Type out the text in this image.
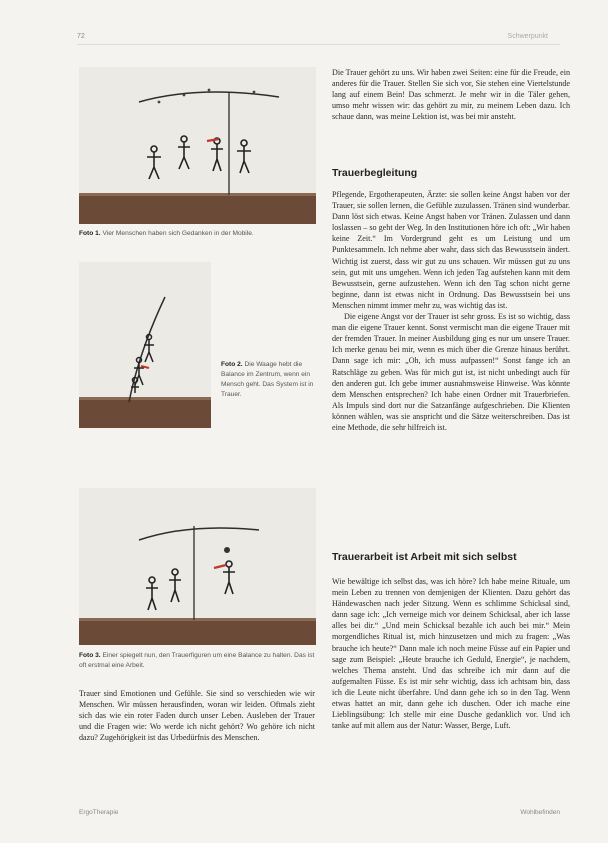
72	Schwerpunkt
Foto 1. Vier Menschen haben sich Gedanken in der Mobile.
Foto 2. Die Waage hebt die Balance im Zentrum, wenn ein Mensch geht. Das System ist in Trauer.
Foto 3. Einer spiegelt nun, den Trauerfiguren um eine Balance zu halten. Das ist oft erstmal eine Arbeit.

Trauer sind Emotionen und Gefühle. Sie sind so verschieden wie wir Menschen. Wir müssen herausfinden, woran wir leiden. Oftmals zieht sich das wie ein roter Faden durch unser Leben. Ausleben der Trauer und die Fragen wie: Wo werde ich nicht gehört? Wo gehöre ich nicht dazu? Zugehörigkeit ist das Urbedürfnis des Menschen.

Die Trauer gehört zu uns. Wir haben zwei Seiten: eine für die Freude, ein anderes für die Trauer. Stellen Sie sich vor, Sie stehen eine Viertelstunde lang auf einem Bein! Das schmerzt. Je mehr wir in die Täler gehen, umso mehr wissen wir: das gehört zu mir, zu meinem Leben dazu. Ich schaue dann, was meine Lektion ist, was bei mir ansteht.

Trauerbegleitung

Pflegende, Ergotherapeuten, Ärzte: sie sollen keine Angst haben vor der Trauer, sie sollen lernen, die Gefühle zuzulassen. Tränen sind wunderbar. Dann löst sich etwas. Keine Angst haben vor Tränen. Zulassen und dann loslassen – so geht der Weg. In den Institutionen höre ich oft: „Wir haben keine Zeit.“ Im Vordergrund geht es um Leistung und um Punktesammeln. Ich nehme aber wahr, dass sich das Bewusstsein ändert. Wichtig ist zuerst, dass wir gut zu uns schauen. Wir müssen gut zu uns sein, gut mit uns umgehen. Wenn ich jeden Tag aufstehen kann mit dem Bewusstsein, gerne aufzustehen. Wenn ich den Tag schon nicht gerne beginne, dann ist etwas nicht in Ordnung. Das Bewusstsein bei uns Menschen nimmt immer mehr zu, was wichtig das ist.

Die eigene Angst vor der Trauer ist sehr gross. Es ist so wichtig, dass man die eigene Trauer kennt. Sonst vermischt man die eigene Trauer mit der fremden Trauer. In meiner Ausbildung ging es nur um unsere Trauer. Ich merke genau bei mir, wenn es mich über die Grenze hinaus berührt. Dann sage ich mir: „Oh, ich muss aufpassen!“ Sonst fange ich an Ratschläge zu geben. Was für mich gut ist, ist nicht unbedingt auch für den anderen gut. Ich gebe immer ausnahmsweise Hinweise. Was könnte dem Menschen entsprechen? Ich habe einen Ordner mit Trauerbriefen. Als Impuls sind dort nur die Satzanfänge aufgeschrieben. Die Klienten können wählen, was sie anspricht und die Sätze weiterschreiben. Das ist eine Methode, die sehr hilfreich ist.

Trauerarbeit ist Arbeit mit sich selbst

Wie bewältige ich selbst das, was ich höre? Ich habe meine Rituale, um mein Leben zu trennen von demjenigen der Klienten. Dazu gehört das Händewaschen nach jeder Sitzung. Wenn es schlimme Schicksal sind, dann sage ich: „Ich verneige mich vor deinem Schicksal, aber ich lasse alles bei dir.“ „Und mein Schicksal bezahle ich auch bei mir.“ Mein morgendliches Ritual ist, mich hinzusetzen und mich zu fragen: „Was brauche ich heute?“ Dann male ich noch meine Füsse auf ein Papier und sage zum Beispiel: „Heute brauche ich Geduld, Energie“, je nachdem, welches Thema ansteht. Und das schreibe ich mir dann auf die aufgemalten Füsse. Es ist mir sehr wichtig, dass ich achtsam bin, dass ich die Leute nicht überfahre. Und dann gehe ich so in den Tag. Wenn etwas hattet an mir, dann gehe ich duschen. Oder ich mache eine Lieblingsübung: Ich stelle mir eine Dusche gedanklich vor. Und ich tanke auf mit allem aus der Natur: Wasser, Berge, Luft.

ErgoTherapie	Wohlbefinden
